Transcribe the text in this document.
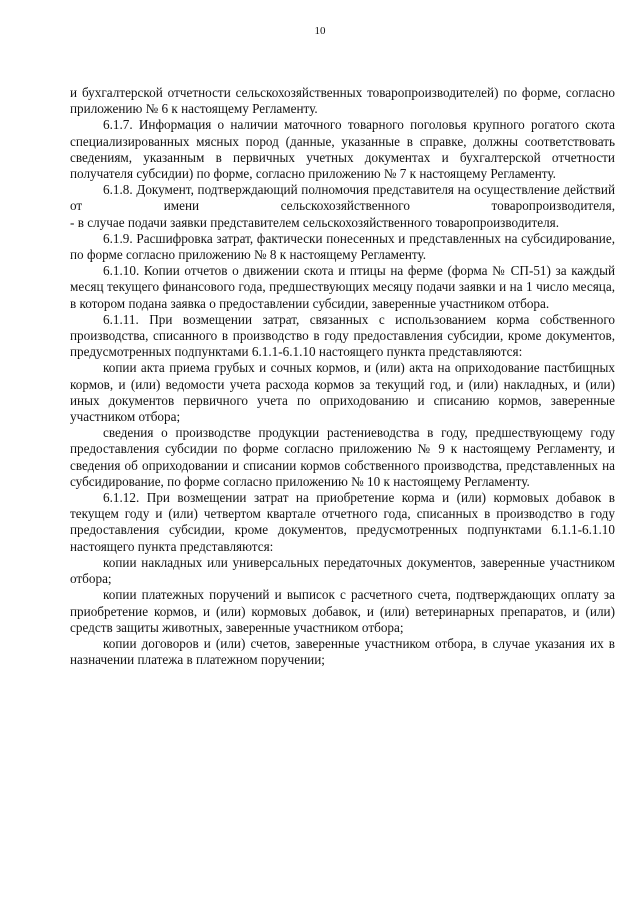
10

и бухгалтерской отчетности сельскохозяйственных товаропроизводителей) по форме, согласно приложению № 6 к настоящему Регламенту.

6.1.7. Информация о наличии маточного товарного поголовья крупного рогатого скота специализированных мясных пород (данные, указанные в справке, должны соответствовать сведениям, указанным в первичных учетных документах и бухгалтерской отчетности получателя субсидии) по форме, согласно приложению № 7 к настоящему Регламенту.

6.1.8. Документ, подтверждающий полномочия представителя на осуществление действий от имени сельскохозяйственного товаропроизводителя,

- в случае подачи заявки представителем сельскохозяйственного товаропроизводителя.

6.1.9. Расшифровка затрат, фактически понесенных и представленных на субсидирование, по форме согласно приложению № 8 к настоящему Регламенту.

6.1.10. Копии отчетов о движении скота и птицы на ферме (форма № СП-51) за каждый месяц текущего финансового года, предшествующих месяцу подачи заявки и на 1 число месяца, в котором подана заявка о предоставлении субсидии, заверенные участником отбора.

6.1.11. При возмещении затрат, связанных с использованием корма собственного производства, списанного в производство в году предоставления субсидии, кроме документов, предусмотренных подпунктами 6.1.1-6.1.10 настоящего пункта представляются:

копии акта приема грубых и сочных кормов, и (или) акта на оприходование пастбищных кормов, и (или) ведомости учета расхода кормов за текущий год, и (или) накладных, и (или) иных документов первичного учета по оприходованию и списанию кормов, заверенные участником отбора;

сведения о производстве продукции растениеводства в году, предшествующему году предоставления субсидии по форме согласно приложению № 9 к настоящему Регламенту, и сведения об оприходовании и списании кормов собственного производства, представленных на субсидирование, по форме согласно приложению № 10 к настоящему Регламенту.

6.1.12. При возмещении затрат на приобретение корма и (или) кормовых добавок в текущем году и (или) четвертом квартале отчетного года, списанных в производство в году предоставления субсидии, кроме документов, предусмотренных подпунктами 6.1.1-6.1.10 настоящего пункта представляются:

копии накладных или универсальных передаточных документов, заверенные участником отбора;

копии платежных поручений и выписок с расчетного счета, подтверждающих оплату за приобретение кормов, и (или) кормовых добавок, и (или) ветеринарных препаратов, и (или) средств защиты животных, заверенные участником отбора;

копии договоров и (или) счетов, заверенные участником отбора, в случае указания их в назначении платежа в платежном поручении;
